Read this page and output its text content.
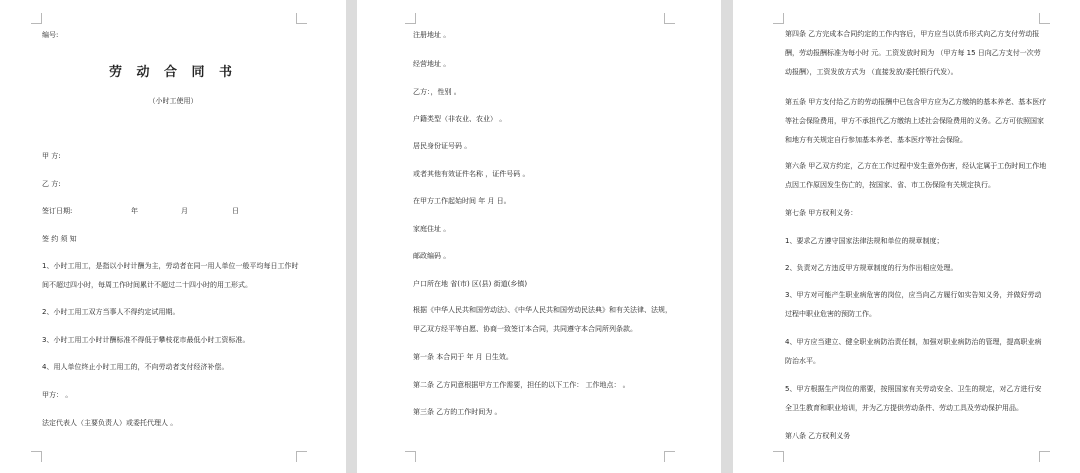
编号:
劳 动 合 同 书
（小时工使用）
甲 方:
乙 方:
签订日期:	年	月	日
签 约 须 知
1、小时工用工，是指以小时计酬为主，劳动者在同一用人单位一般平均每日工作时间不超过四小时，每周工作时间累计不超过二十四小时的用工形式。
2、小时工用工双方当事人不得约定试用期。
3、小时工用工小时计酬标准不得低于攀枝花市最低小时工资标准。
4、用人单位终止小时工用工的，不向劳动者支付经济补偿。
甲方： 。
法定代表人（主要负责人）或委托代理人 。
注册地址 。
经营地址 。
乙方：，性别 。
户籍类型（非农业、农业） 。
居民身份证号码 。
或者其他有效证件名称 ，证件号码 。
在甲方工作起始时间 年 月 日。
家庭住址 。
邮政编码 。
户口所在地 省(市) 区(县) 街道(乡镇)
根据《中华人民共和国劳动法》、《中华人民共和国劳动民法典》和有关法律、法规，甲乙双方经平等自愿、协商一致签订本合同，共同遵守本合同所列条款。
第一条 本合同于 年 月 日生效。
第二条 乙方同意根据甲方工作需要，担任的以下工作： 工作地点： 。
第三条 乙方的工作时间为 。
第四条 乙方完成本合同约定的工作内容后，甲方应当以货币形式向乙方支付劳动报酬，劳动报酬标准为每小时 元。工资发放时间为 （甲方每 15 日向乙方支付一次劳动报酬），工资发放方式为 （直接发放/委托银行代发）。
第五条 甲方支付给乙方的劳动报酬中已包含甲方应为乙方缴纳的基本养老、基本医疗等社会保险费用，甲方不承担代乙方缴纳上述社会保险费用的义务。乙方可依照国家和地方有关规定自行参加基本养老、基本医疗等社会保险。
第六条 甲乙双方约定，乙方在工作过程中发生意外伤害，经认定属于工伤时间工作地点因工作原因发生伤亡的，按国家、省、市工伤保险有关规定执行。
第七条 甲方权利义务：
1、要求乙方遵守国家法律法规和单位的规章制度；
2、负责对乙方违反甲方规章制度的行为作出相应处理。
3、甲方对可能产生职业病危害的岗位，应当向乙方履行如实告知义务，并做好劳动过程中职业危害的预防工作。
4、甲方应当建立、健全职业病防治责任制，加强对职业病防治的管理，提高职业病防治水平。
5、甲方根据生产岗位的需要，按照国家有关劳动安全、卫生的规定，对乙方进行安全卫生教育和职业培训，并为乙方提供劳动条件、劳动工具及劳动保护用品。
第八条 乙方权利义务
